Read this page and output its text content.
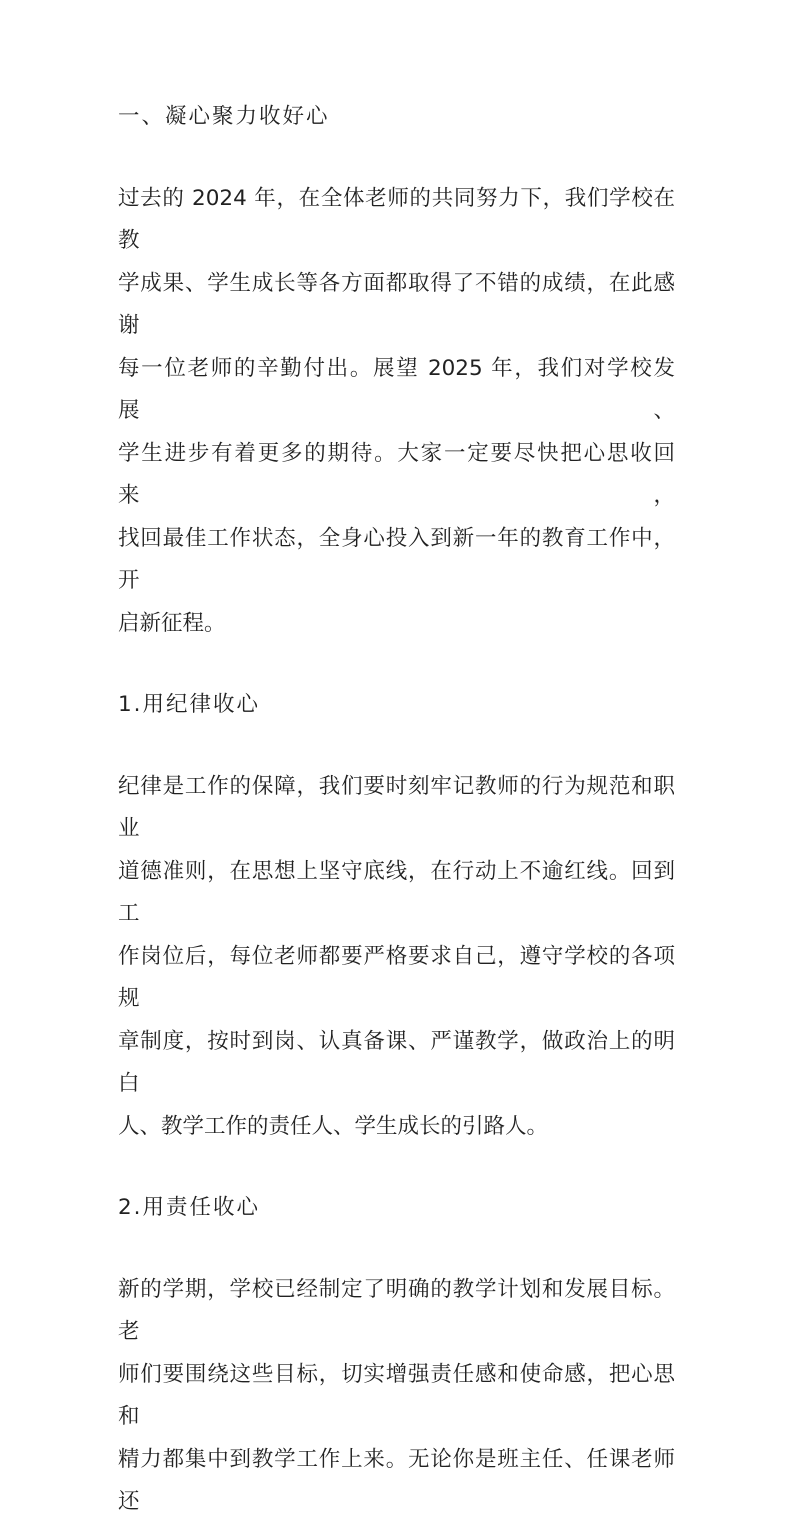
一、凝心聚力收好心
过去的 2024 年，在全体老师的共同努力下，我们学校在教
学成果、学生成长等各方面都取得了不错的成绩，在此感谢
每一位老师的辛勤付出。展望 2025 年，我们对学校发展、
学生进步有着更多的期待。大家一定要尽快把心思收回来，
找回最佳工作状态，全身心投入到新一年的教育工作中，开
启新征程。
1.用纪律收心
纪律是工作的保障，我们要时刻牢记教师的行为规范和职业
道德准则，在思想上坚守底线，在行动上不逾红线。回到工
作岗位后，每位老师都要严格要求自己，遵守学校的各项规
章制度，按时到岗、认真备课、严谨教学，做政治上的明白
人、教学工作的责任人、学生成长的引路人。
2.用责任收心
新的学期，学校已经制定了明确的教学计划和发展目标。老
师们要围绕这些目标，切实增强责任感和使命感，把心思和
精力都集中到教学工作上来。无论你是班主任、任课老师还
